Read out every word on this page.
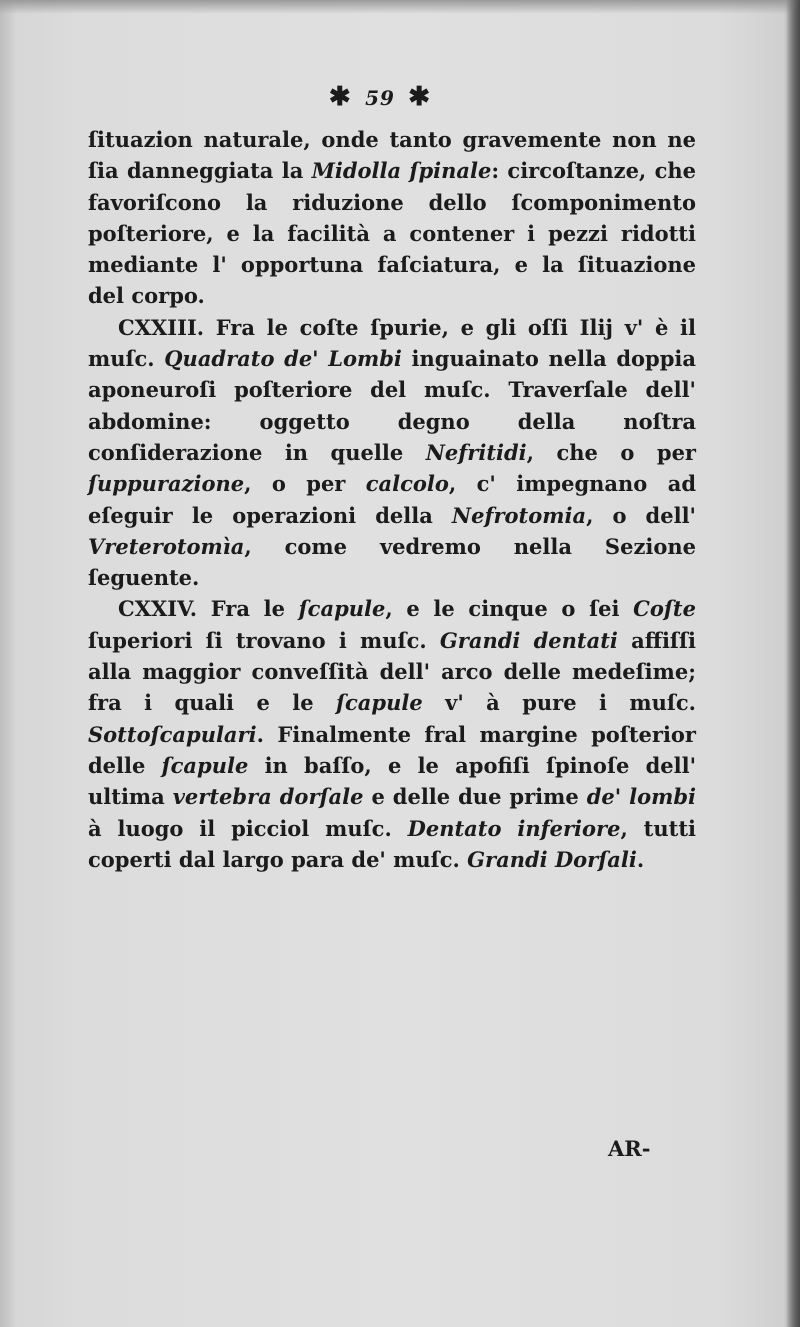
✱ 59 ✱

ſituazion naturale, onde tanto gravemente non ne ſia danneggiata la Midolla ſpinale: circoſtanze, che favoriſcono la riduzione dello ſcomponimento poſteriore, e la facilità a contener i pezzi ridotti mediante l' opportuna faſciatura, e la ſituazione del corpo.

CXXIII. Fra le coſte ſpurie, e gli oſſi Ilij v' è il muſc. Quadrato de' Lombi inguainato nella doppia aponeuroſi poſteriore del muſc. Traverſale dell' abdomine: oggetto degno della noſtra conſiderazione in quelle Nefritidi, che o per ſuppurazione, o per calcolo, c' impegnano ad eſeguir le operazioni della Nefrotomia, o dell' Vreterotomìa, come vedremo nella Sezione ſeguente.

CXXIV. Fra le ſcapule, e le cinque o ſei Coſte ſuperiori ſi trovano i muſc. Grandi dentati affiſſi alla maggior conveſſità dell' arco delle medeſime; fra i quali e le ſcapule v' à pure i muſc. Sottoſcapulari. Finalmente fral margine poſterior delle ſcapule in baſſo, e le apofiſi ſpinoſe dell' ultima vertebra dorſale e delle due prime de' lombi à luogo il picciol muſc. Dentato inferiore, tutti coperti dal largo para de' muſc. Grandi Dorſali.

AR-
